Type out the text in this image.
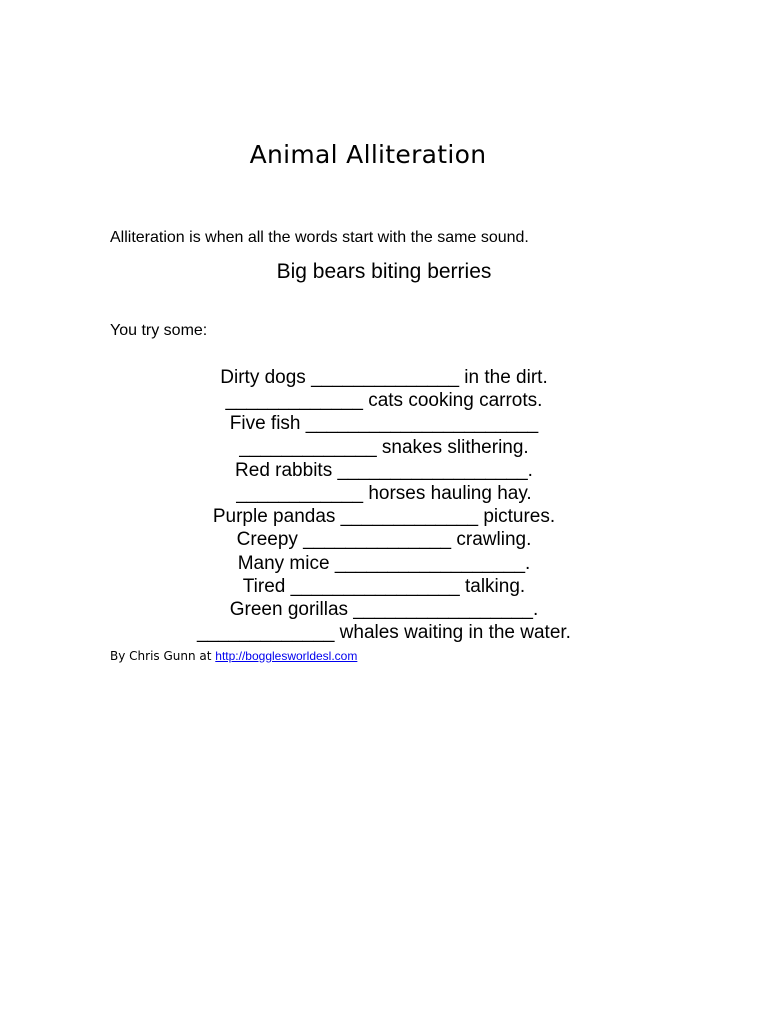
Animal Alliteration
Alliteration is when all the words start with the same sound.
Big bears biting berries
You try some:
Dirty dogs ______________ in the dirt.
_____________ cats cooking carrots.
Five fish ______________________
_____________ snakes slithering.
Red rabbits __________________.
____________ horses hauling hay.
Purple pandas _____________ pictures.
Creepy ______________ crawling.
Many mice __________________.
Tired ________________ talking.
Green gorillas _________________.
_____________ whales waiting in the water.
By Chris Gunn at http://bogglesworldesl.com
